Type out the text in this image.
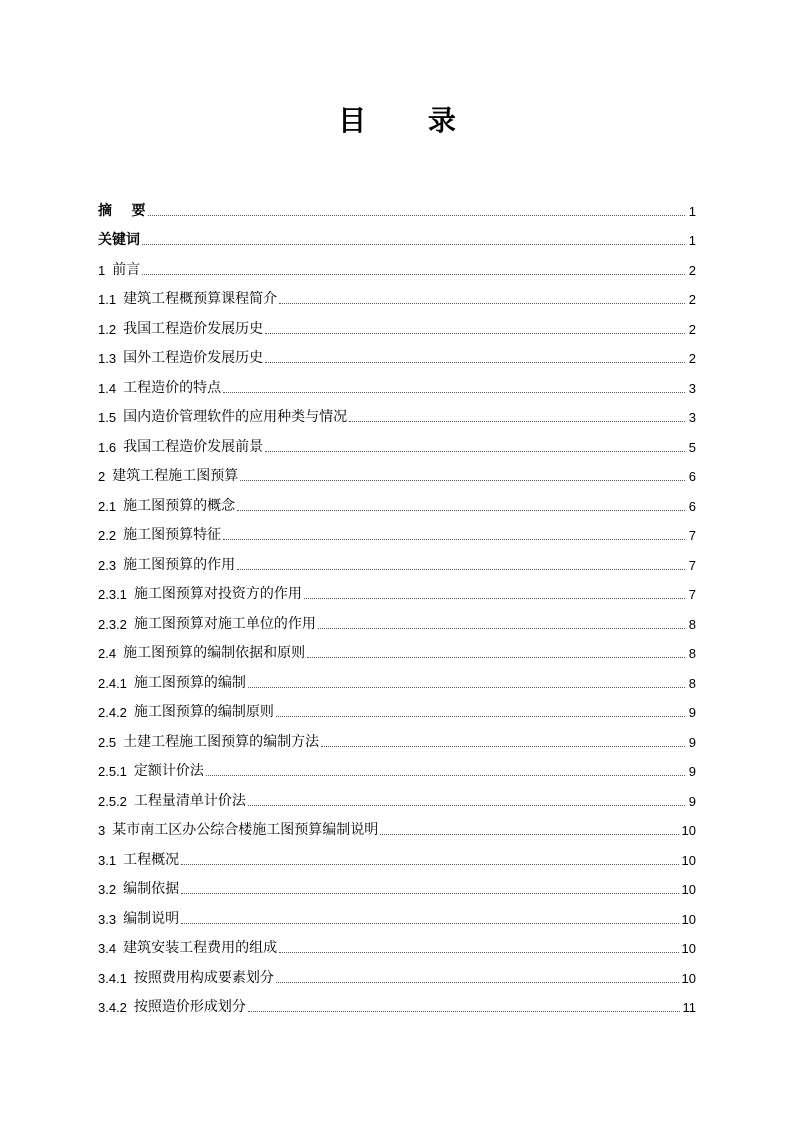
目 录
摘    要	1
关键词	1
1 前言	2
1.1 建筑工程概预算课程简介	2
1.2 我国工程造价发展历史	2
1.3 国外工程造价发展历史	2
1.4 工程造价的特点	3
1.5 国内造价管理软件的应用种类与情况	3
1.6 我国工程造价发展前景	5
2 建筑工程施工图预算	6
2.1 施工图预算的概念	6
2.2 施工图预算特征	7
2.3 施工图预算的作用	7
2.3.1 施工图预算对投资方的作用	7
2.3.2 施工图预算对施工单位的作用	8
2.4 施工图预算的编制依据和原则	8
2.4.1 施工图预算的编制	8
2.4.2 施工图预算的编制原则	9
2.5 土建工程施工图预算的编制方法	9
2.5.1 定额计价法	9
2.5.2 工程量清单计价法	9
3 某市南工区办公综合楼施工图预算编制说明	10
3.1 工程概况	10
3.2 编制依据	10
3.3 编制说明	10
3.4 建筑安装工程费用的组成	10
3.4.1 按照费用构成要素划分	10
3.4.2 按照造价形成划分	11
